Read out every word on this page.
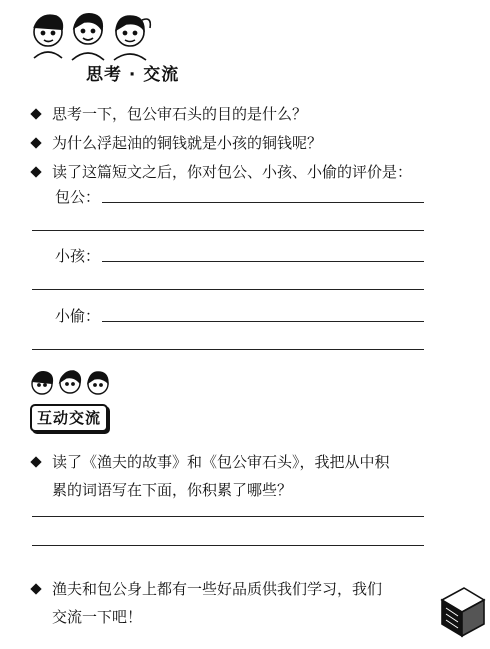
思考 · 交流
思考一下，包公审石头的目的是什么？
为什么浮起油的铜钱就是小孩的铜钱呢？
读了这篇短文之后，你对包公、小孩、小偷的评价是：
包公：
小孩：
小偷：
互动交流
读了《渔夫的故事》和《包公审石头》，我把从中积
累的词语写在下面，你积累了哪些？
渔夫和包公身上都有一些好品质供我们学习，我们
交流一下吧！
